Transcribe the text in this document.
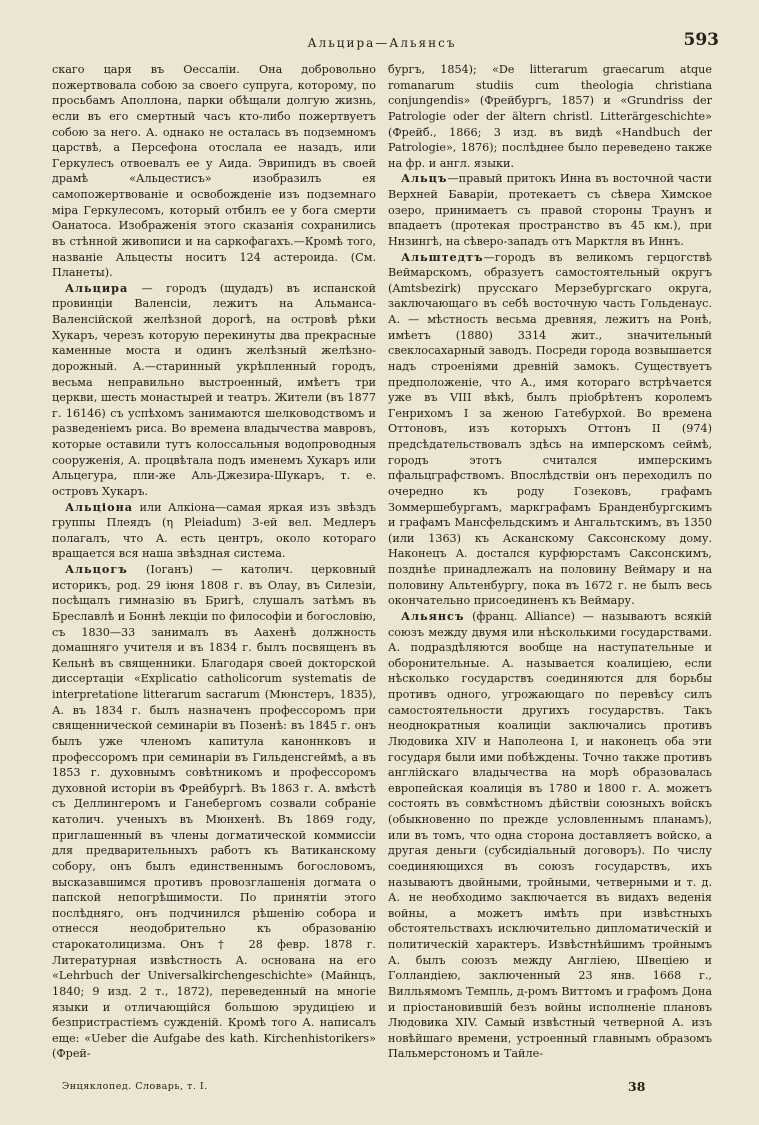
Альцира—Альянсъ	593

скаго царя въ Оессаліи. Она добровольно пожертвовала собою за своего супруга, которому, по просьбамъ Аполлона, парки обѣщали долгую жизнь, если въ его смертный часъ кто-либо пожертвуетъ собою за него. А. однако не осталась въ подземномъ царствѣ, а Персефона отослала ее назадъ, или Геркулесъ отвоевалъ ее у Аида. Эврипидъ въ своей драмѣ «Альцестисъ» изобразилъ ея самопожертвованіе и освобожденіе изъ подземнаго міра Геркулесомъ, который отбилъ ее у бога смерти Оанатоса. Изображенія этого сказанія сохранились въ стѣнной живописи и на саркофагахъ.—Кромѣ того, названіе Альцесты носитъ 124 астероида. (См. Планеты).

Альцира — городъ (щудадъ) въ испанской провинціи Валенсіи, лежитъ на Альманса-Валенсійской желѣзной дорогѣ, на островѣ рѣки Хукаръ, черезъ которую перекинуты два прекрасные каменные моста и одинъ желѣзный желѣзно-дорожный. А.—старинный укрѣпленный городъ, весьма неправильно выстроенный, имѣетъ три церкви, шесть монастырей и театръ. Жители (въ 1877 г. 16146) съ успѣхомъ занимаются шелководствомъ и разведеніемъ риса. Во времена владычества мавровъ, которые оставили тутъ колоссальныя водопроводныя сооруженія, А. процвѣтала подъ именемъ Хукаръ или Альцегура, пли-же Аль-Джезира-Шукаръ, т. е. островъ Хукаръ.

Альціона или Алкіона—самая яркая изъ звѣздъ группы Плеядъ (η Pleiadum) 3-ей вел. Медлеръ полагалъ, что А. есть центръ, около котораго вращается вся наша звѣздная система.

Альцогъ (Іоганъ) — католич. церковный историкъ, род. 29 іюня 1808 г. въ Олау, въ Силезіи, посѣщалъ гимназію въ Бригѣ, слушалъ затѣмъ въ Бреславлѣ и Боннѣ лекціи по философіи и богословію, съ 1830—33 занималъ въ Аахенѣ должность домашняго учителя и въ 1834 г. былъ посвященъ въ Кельнѣ въ священники. Благодаря своей докторской диссертаціи «Explicatio catholicorum systematis de interpretatione litterarum sacrarum (Мюнстеръ, 1835), А. въ 1834 г. былъ назначенъ профессоромъ при священнической семинаріи въ Позенѣ: въ 1845 г. онъ былъ уже членомъ капитула каноннковъ и профессоромъ при семинаріи въ Гильденсгеймѣ, а въ 1853 г. духовнымъ совѣтникомъ и профессоромъ духовной исторіи въ Фрейбургѣ. Въ 1863 г. А. вмѣстѣ съ Деллингеромъ и Ганебергомъ созвали собраніе католич. ученыхъ въ Мюнхенѣ. Въ 1869 году, приглашенный въ члены догматической коммиссіи для предварительныхъ работъ къ Ватиканскому собору, онъ былъ единственнымъ богословомъ, высказавшимся противъ провозглашенія догмата о папской непогрѣшимости. По принятіи этого послѣдняго, онъ подчинился рѣшенію собора и отнесся неодобрительно къ образованію старокатолицизма. Онъ † 28 февр. 1878 г. Литературная извѣстность А. основана на его «Lehrbuch der Universalkirchengeschichte» (Майнцъ, 1840; 9 изд. 2 т., 1872), переведенный на многіе языки и отличающійся большою эрудиціею и безпристрастіемъ сужденій. Кромѣ того А. написалъ еще: «Ueber die Aufgabe des kath. Kirchenhistorikers» (Фрей-

бургъ, 1854); «De litterarum graecarum atque romanarum studiis cum theologia christiana conjungendis» (Фрейбургъ, 1857) и «Grundriss der Patrologie oder der ältern christl. Litterärgeschichte» (Фрейб., 1866; 3 изд. въ видѣ «Handbuch der Patrologie», 1876); послѣднее было переведено также на фр. и англ. языки.

Альцъ—правый притокъ Инна въ восточной части Верхней Баваріи, протекаетъ съ сѣвера Химское озеро, принимаетъ съ правой стороны Траунъ и впадаетъ (протекая пространство въ 45 км.), при Ннзингѣ, на сѣверо-западъ отъ Марктля въ Иннъ.

Альштедтъ—городъ въ великомъ герцогствѣ Веймарскомъ, образуетъ самостоятельный округъ (Amtsbezirk) прусскаго Мерзебургскаго округа, заключающаго въ себѣ восточную часть Гольденаус. А. — мѣстность весьма древняя, лежитъ на Ронѣ, имѣетъ (1880) 3314 жит., значительный свеклосахарный заводъ. Посреди города возвышается надъ строеніями древній замокъ. Существуетъ предположеніе, что А., имя котораго встрѣчается уже въ VIII вѣкѣ, былъ пріобрѣтенъ королемъ Генрихомъ I за женою Гатебурхой. Во времена Оттоновъ, изъ которыхъ Оттонъ II (974) предсѣдательствовалъ здѣсь на имперскомъ сеймѣ, городъ этотъ считался имперскимъ пфальцграфствомъ. Впослѣдствіи онъ переходилъ по очередно къ роду Гозековъ, графамъ Зоммершебургамъ, маркграфамъ Бранденбургскимъ и графамъ Мансфельдскимъ и Ангальтскимъ, въ 1350 (или 1363) къ Асканскому Саксонскому дому. Наконецъ А. достался курфюрстамъ Саксонскимъ, позднѣе принадлежалъ на половину Веймару и на половину Альтенбургу, пока въ 1672 г. не былъ весь окончательно присоединенъ къ Веймару.

Альянсъ (франц. Alliance) — называютъ всякій союзъ между двумя или нѣсколькими государствами. А. подраздѣляются вообще на наступательные и оборонительные. А. называется коалиціею, если нѣсколько государствъ соединяются для борьбы противъ одного, угрожающаго по перевѣсу силъ самостоятельности другихъ государствъ. Такъ неоднократныя коалиціи заключались противъ Людовика XIV и Наполеона I, и наконецъ оба эти государя были ими побѣждены. Точно также противъ англійскаго владычества на морѣ образовалась европейская коалиція въ 1780 и 1800 г. А. можетъ состоять въ совмѣстномъ дѣйствіи союзныхъ войскъ (обыкновенно по прежде условленнымъ планамъ), или въ томъ, что одна сторона доставляетъ войско, а другая деньги (субсидіальный договоръ). По числу соединяющихся въ союзъ государствъ, ихъ называютъ двойными, тройными, четверными и т. д. А. не необходимо заключается въ видахъ веденія войны, а можетъ имѣть при извѣстныхъ обстоятельствахъ исключительно дипломатическій и политическій характеръ. Извѣстнѣйшимъ тройнымъ А. былъ союзъ между Англіею, Швеціею и Голландіею, заключенный 23 янв. 1668 г., Вилльямомъ Темпль, д-ромъ Виттомъ и графомъ Дона и пріостановившій безъ войны исполненіе плановъ Людовика XIV. Самый извѣстный четверной А. изъ новѣйшаго времени, устроенный главнымъ образомъ Пальмерстономъ и Тайле-

Энцяклопед. Словарь, т. I.	38
